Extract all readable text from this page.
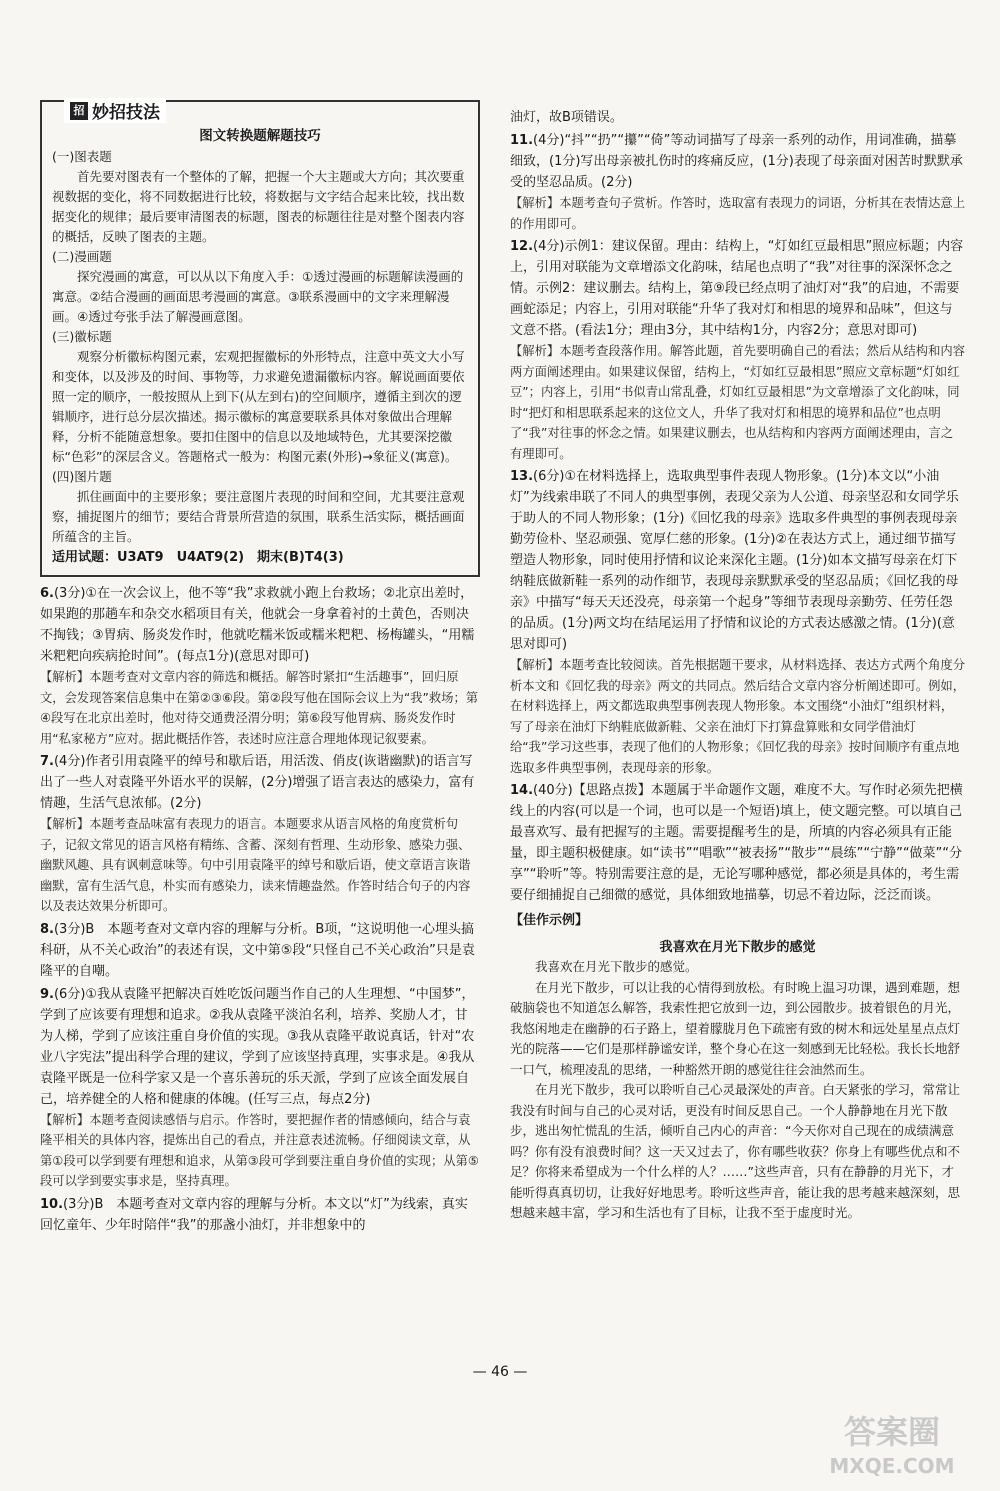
招 妙招技法
图文转换题解题技巧

(一)图表题

首先要对图表有一个整体的了解，把握一个大主题或大方向；其次要重视数据的变化，将不同数据进行比较，将数据与文字结合起来比较，找出数据变化的规律；最后要审清图表的标题，图表的标题往往是对整个图表内容的概括，反映了图表的主题。

(二)漫画题

探究漫画的寓意，可以从以下角度入手：①透过漫画的标题解读漫画的寓意。②结合漫画的画面思考漫画的寓意。③联系漫画中的文字来理解漫画。④透过夸张手法了解漫画意图。

(三)徽标题

观察分析徽标构图元素，宏观把握徽标的外形特点，注意中英文大小写和变体，以及涉及的时间、事物等，力求避免遗漏徽标内容。解说画面要依照一定的顺序，一般按照从上到下(从左到右)的空间顺序，遵循主到次的逻辑顺序，进行总分层次描述。揭示徽标的寓意要联系具体对象做出合理解释，分析不能随意想象。要扣住图中的信息以及地域特色，尤其要深挖徽标“色彩”的深层含义。答题格式一般为：构图元素(外形)→象征义(寓意)。

(四)图片题

抓住画面中的主要形象；要注意图片表现的时间和空间，尤其要注意观察，捕捉图片的细节；要结合背景所营造的氛围，联系生活实际，概括画面所蕴含的主旨。

适用试题：U3AT9　U4AT9(2)　期末(B)T4(3)

6.(3分)①在一次会议上，他不等“我”求救就小跑上台救场；②北京出差时，如果跑的那趟车和杂交水稻项目有关，他就会一身拿着衬的土黄色，否则决不掏钱；③胃病、肠炎发作时，他就吃糯米饭或糯米粑粑、杨梅罐头，“用糯米粑粑向疾病抢时间”。(每点1分)(意思对即可)

【解析】本题考查对文章内容的筛选和概括。解答时紧扣“生活趣事”，回归原文，会发现答案信息集中在第②③⑥段。第②段写他在国际会议上为“我”救场；第④段写在北京出差时，他对待交通费泾渭分明；第⑥段写他胃病、肠炎发作时用“私家秘方”应对。据此概括作答，表述时应注意合理地体现记叙要素。

7.(4分)作者引用袁隆平的绰号和歇后语，用活泼、俏皮(诙谐幽默)的语言写出了一些人对袁隆平外语水平的误解，(2分)增强了语言表达的感染力，富有情趣，生活气息浓郁。(2分)

【解析】本题考查品味富有表现力的语言。本题要求从语言风格的角度赏析句子，记叙文常见的语言风格有精练、含蓄、深刻有哲理、生动形象、感染力强、幽默风趣、具有讽刺意味等。句中引用袁隆平的绰号和歇后语，使文章语言诙谐幽默，富有生活气息，朴实而有感染力，读来情趣盎然。作答时结合句子的内容以及表达效果分析即可。

8.(3分)B　本题考查对文章内容的理解与分析。B项，“这说明他一心埋头搞科研，从不关心政治”的表述有误，文中第⑤段“只怪自己不关心政治”只是袁隆平的自嘲。

9.(6分)①我从袁隆平把解决百姓吃饭问题当作自己的人生理想、“中国梦”，学到了应该要有理想和追求。②我从袁隆平淡泊名利，培养、奖励人才，甘为人梯，学到了应该注重自身价值的实现。③我从袁隆平敢说真话，针对“农业八字宪法”提出科学合理的建议，学到了应该坚持真理，实事求是。④我从袁隆平既是一位科学家又是一个喜乐善玩的乐天派，学到了应该全面发展自己，培养健全的人格和健康的体魄。(任写三点，每点2分)

【解析】本题考查阅读感悟与启示。作答时，要把握作者的情感倾向，结合与袁隆平相关的具体内容，提炼出自己的看点，并注意表述流畅。仔细阅读文章，从第①段可以学到要有理想和追求，从第③段可学到要注重自身价值的实现；从第⑤段可以学到要实事求是，坚持真理。

10.(3分)B　本题考查对文章内容的理解与分析。本文以“灯”为线索，真实回忆童年、少年时陪伴“我”的那盏小油灯，并非想象中的

油灯，故B项错误。

11.(4分)“抖”“扔”“攥”“倚”等动词描写了母亲一系列的动作，用词准确，描摹细致，(1分)写出母亲被扎伤时的疼痛反应，(1分)表现了母亲面对困苦时默默承受的坚忍品质。(2分)

【解析】本题考查句子赏析。作答时，选取富有表现力的词语，分析其在表情达意上的作用即可。

12.(4分)示例1：建议保留。理由：结构上，“灯如红豆最相思”照应标题；内容上，引用对联能为文章增添文化韵味，结尾也点明了“我”对往事的深深怀念之情。示例2：建议删去。结构上，第⑨段已经点明了油灯对“我”的启迪，不需要画蛇添足；内容上，引用对联能“升华了我对灯和相思的境界和品味”，但这与文意不搭。(看法1分；理由3分，其中结构1分，内容2分；意思对即可)

【解析】本题考查段落作用。解答此题，首先要明确自己的看法；然后从结构和内容两方面阐述理由。如果建议保留，结构上，“灯如红豆最相思”照应文章标题“灯如红豆”；内容上，引用“书似青山常乱叠，灯如红豆最相思”为文章增添了文化韵味，同时“把灯和相思联系起来的这位文人，升华了我对灯和相思的境界和品位”也点明了“我”对往事的怀念之情。如果建议删去，也从结构和内容两方面阐述理由，言之有理即可。

13.(6分)①在材料选择上，选取典型事件表现人物形象。(1分)本文以“小油灯”为线索串联了不同人的典型事例，表现父亲为人公道、母亲坚忍和女同学乐于助人的不同人物形象；(1分)《回忆我的母亲》选取多件典型的事例表现母亲勤劳俭朴、坚忍顽强、宽厚仁慈的形象。(1分)②在表达方式上，通过细节描写塑造人物形象，同时使用抒情和议论来深化主题。(1分)如本文描写母亲在灯下纳鞋底做新鞋一系列的动作细节，表现母亲默默承受的坚忍品质；《回忆我的母亲》中描写“每天天还没亮，母亲第一个起身”等细节表现母亲勤劳、任劳任怨的品质。(1分)两文均在结尾运用了抒情和议论的方式表达感激之情。(1分)(意思对即可)

【解析】本题考查比较阅读。首先根据题干要求，从材料选择、表达方式两个角度分析本文和《回忆我的母亲》两文的共同点。然后结合文章内容分析阐述即可。例如，在材料选择上，两文都选取典型事例表现人物形象。本文围绕“小油灯”组织材料，写了母亲在油灯下纳鞋底做新鞋、父亲在油灯下打算盘算账和女同学借油灯给“我”学习这些事，表现了他们的人物形象；《回忆我的母亲》按时间顺序有重点地选取多件典型事例，表现母亲的形象。

14.(40分)【思路点拨】本题属于半命题作文题，难度不大。写作时必须先把横线上的内容(可以是一个词，也可以是一个短语)填上，使文题完整。可以填自己最喜欢写、最有把握写的主题。需要提醒考生的是，所填的内容必须具有正能量，即主题积极健康。如“读书”“唱歌”“被表扬”“散步”“晨练”“宁静”“做菜”“分享”“聆听”等。特别需要注意的是，无论写哪种感觉，都必须是具体的，考生需要仔细捕捉自己细微的感觉，具体细致地描摹，切忌不着边际，泛泛而谈。

【佳作示例】
我喜欢在月光下散步的感觉

我喜欢在月光下散步的感觉。

在月光下散步，可以让我的心情得到放松。有时晚上温习功课，遇到难题，想破脑袋也不知道怎么解答，我索性把它放到一边，到公园散步。披着银色的月光，我悠闲地走在幽静的石子路上，望着朦胧月色下疏密有致的树木和远处星星点点灯光的院落——它们是那样静谧安详，整个身心在这一刻感到无比轻松。我长长地舒一口气，梳理凌乱的思绪，一种豁然开朗的感觉往往会油然而生。

在月光下散步，我可以聆听自己心灵最深处的声音。白天紧张的学习，常常让我没有时间与自己的心灵对话，更没有时间反思自己。一个人静静地在月光下散步，逃出匆忙慌乱的生活，倾听自己内心的声音：“今天你对自己现在的成绩满意吗？你有没有浪费时间？这一天又过去了，你有哪些收获？你身上有哪些优点和不足？你将来希望成为一个什么样的人？……”这些声音，只有在静静的月光下，才能听得真真切切，让我好好地思考。聆听这些声音，能让我的思考越来越深刻，思想越来越丰富，学习和生活也有了目标，让我不至于虚度时光。

— 46 —
答案圈
MXQE.COM
